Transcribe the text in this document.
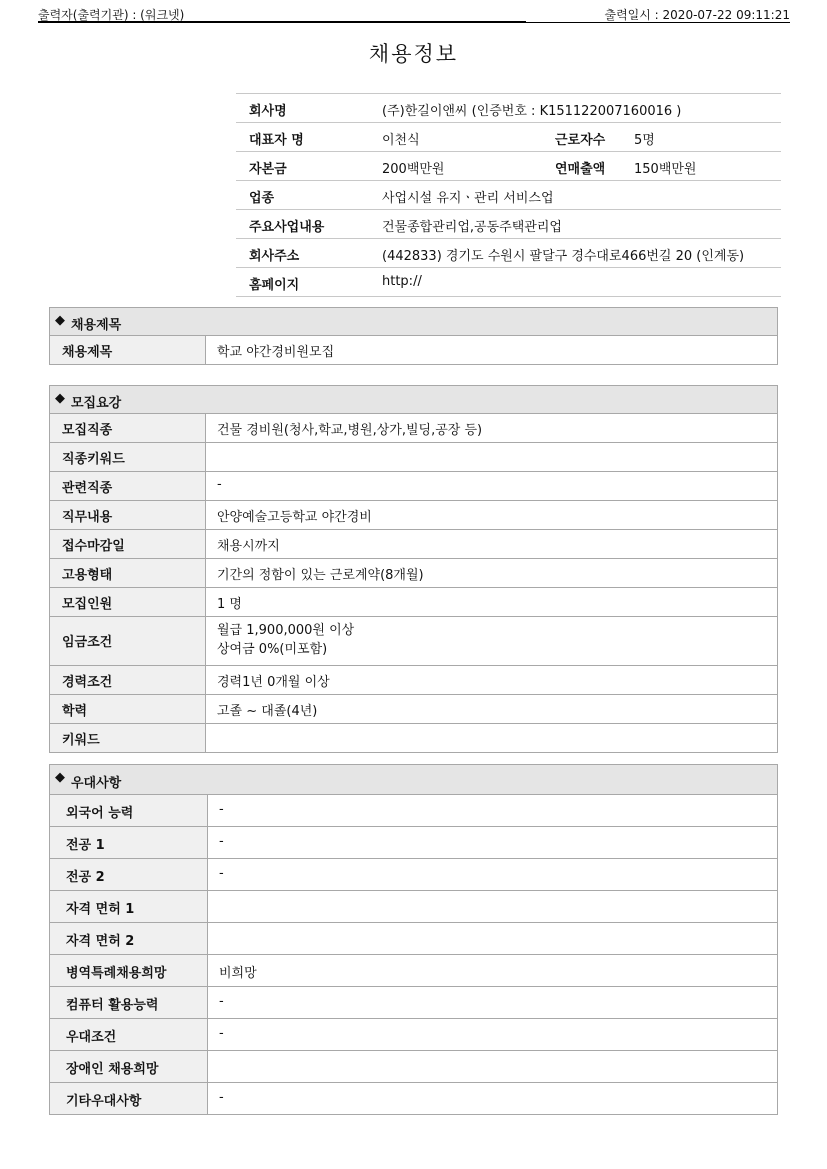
출력자(출력기관) : (워크넷)	출력일시 : 2020-07-22 09:11:21
채용정보
회사명	(주)한길이앤씨 (인증번호 : K151122007160016 )
대표자 명	이천식	근로자수 5명
자본금	200백만원	연매출액 150백만원
업종	사업시설 유지ㆍ관리 서비스업
주요사업내용	건물종합관리업,공동주택관리업
회사주소	(442833) 경기도 수원시 팔달구 경수대로466번길 20 (인계동)
홈페이지	http://
◆ 채용제목
채용제목	학교 야간경비원모집
◆ 모집요강
모집직종	건물 경비원(청사,학교,병원,상가,빌딩,공장 등)
직종키워드
관련직종	-
직무내용	안양예술고등학교 야간경비
접수마감일	채용시까지
고용형태	기간의 정함이 있는 근로계약(8개월)
모집인원	1 명
임금조건
월급 1,900,000원 이상
상여금 0%(미포함)
경력조건	경력1년 0개월 이상
학력	고졸 ~ 대졸(4년)
키워드
◆ 우대사항
외국어 능력	-
전공 1	-
전공 2	-
자격 면허 1
자격 면허 2
병역특례채용희망	비희망
컴퓨터 활용능력	-
우대조건	-
장애인 채용희망
기타우대사항	-
